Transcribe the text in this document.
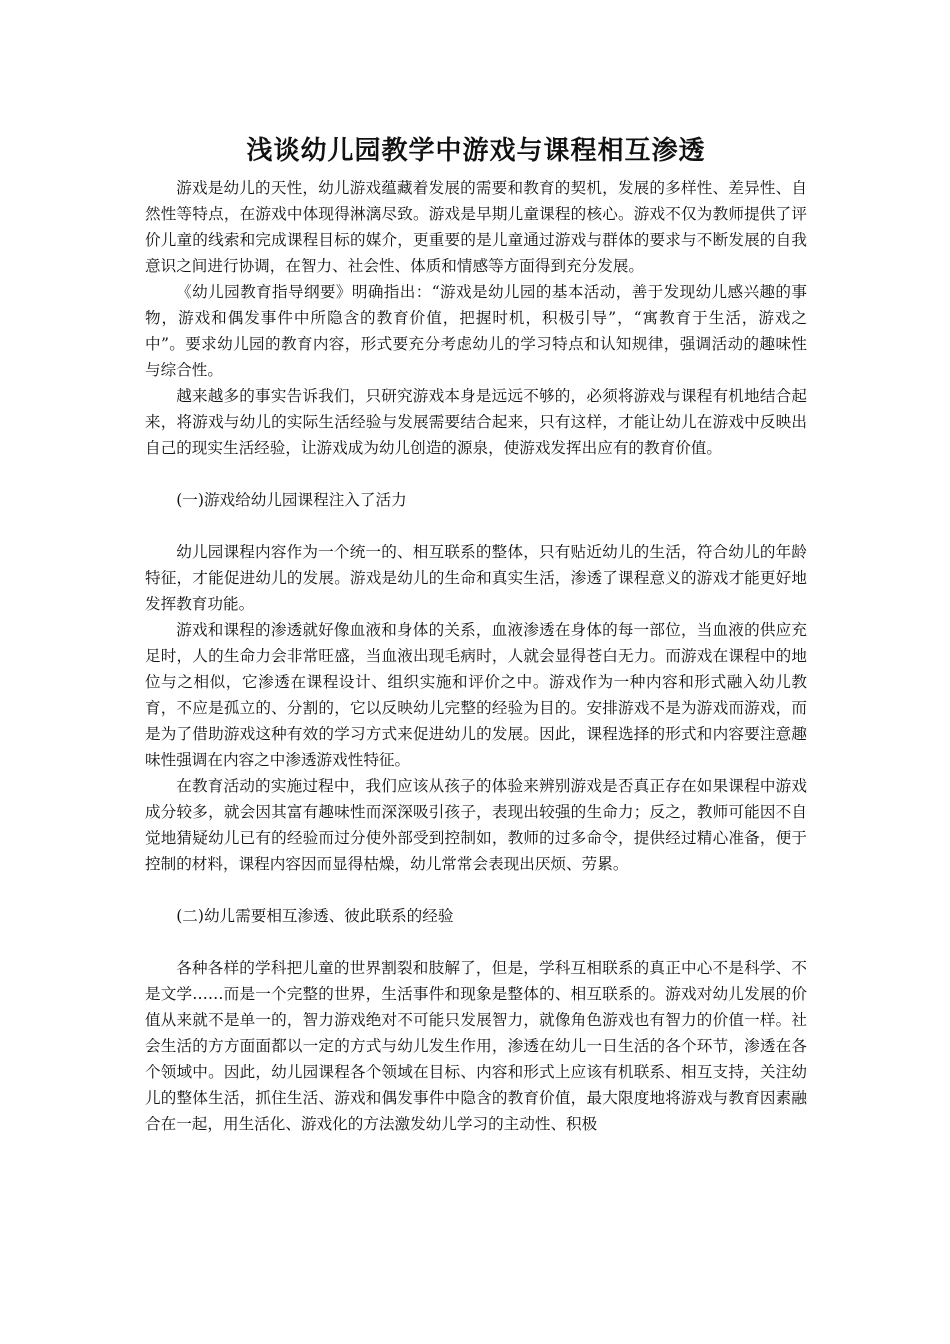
浅谈幼儿园教学中游戏与课程相互渗透

游戏是幼儿的天性，幼儿游戏蕴藏着发展的需要和教育的契机，发展的多样性、差异性、自然性等特点，在游戏中体现得淋漓尽致。游戏是早期儿童课程的核心。游戏不仅为教师提供了评价儿童的线索和完成课程目标的媒介，更重要的是儿童通过游戏与群体的要求与不断发展的自我意识之间进行协调，在智力、社会性、体质和情感等方面得到充分发展。

《幼儿园教育指导纲要》明确指出：“游戏是幼儿园的基本活动，善于发现幼儿感兴趣的事物，游戏和偶发事件中所隐含的教育价值，把握时机，积极引导”，“寓教育于生活，游戏之中”。要求幼儿园的教育内容，形式要充分考虑幼儿的学习特点和认知规律，强调活动的趣味性与综合性。

越来越多的事实告诉我们，只研究游戏本身是远远不够的，必须将游戏与课程有机地结合起来，将游戏与幼儿的实际生活经验与发展需要结合起来，只有这样，才能让幼儿在游戏中反映出自己的现实生活经验，让游戏成为幼儿创造的源泉，使游戏发挥出应有的教育价值。

(一)游戏给幼儿园课程注入了活力

幼儿园课程内容作为一个统一的、相互联系的整体，只有贴近幼儿的生活，符合幼儿的年龄特征，才能促进幼儿的发展。游戏是幼儿的生命和真实生活，渗透了课程意义的游戏才能更好地发挥教育功能。

游戏和课程的渗透就好像血液和身体的关系，血液渗透在身体的每一部位，当血液的供应充足时，人的生命力会非常旺盛，当血液出现毛病时，人就会显得苍白无力。而游戏在课程中的地位与之相似，它渗透在课程设计、组织实施和评价之中。游戏作为一种内容和形式融入幼儿教育，不应是孤立的、分割的，它以反映幼儿完整的经验为目的。安排游戏不是为游戏而游戏，而是为了借助游戏这种有效的学习方式来促进幼儿的发展。因此，课程选择的形式和内容要注意趣味性强调在内容之中渗透游戏性特征。

在教育活动的实施过程中，我们应该从孩子的体验来辨别游戏是否真正存在如果课程中游戏成分较多，就会因其富有趣味性而深深吸引孩子，表现出较强的生命力；反之，教师可能因不自觉地猜疑幼儿已有的经验而过分使外部受到控制如，教师的过多命令，提供经过精心准备，便于控制的材料，课程内容因而显得枯燥，幼儿常常会表现出厌烦、劳累。

(二)幼儿需要相互渗透、彼此联系的经验

各种各样的学科把儿童的世界割裂和肢解了，但是，学科互相联系的真正中心不是科学、不是文学……而是一个完整的世界，生活事件和现象是整体的、相互联系的。游戏对幼儿发展的价值从来就不是单一的，智力游戏绝对不可能只发展智力，就像角色游戏也有智力的价值一样。社会生活的方方面面都以一定的方式与幼儿发生作用，渗透在幼儿一日生活的各个环节，渗透在各个领域中。因此，幼儿园课程各个领域在目标、内容和形式上应该有机联系、相互支持，关注幼儿的整体生活，抓住生活、游戏和偶发事件中隐含的教育价值，最大限度地将游戏与教育因素融合在一起，用生活化、游戏化的方法激发幼儿学习的主动性、积极
